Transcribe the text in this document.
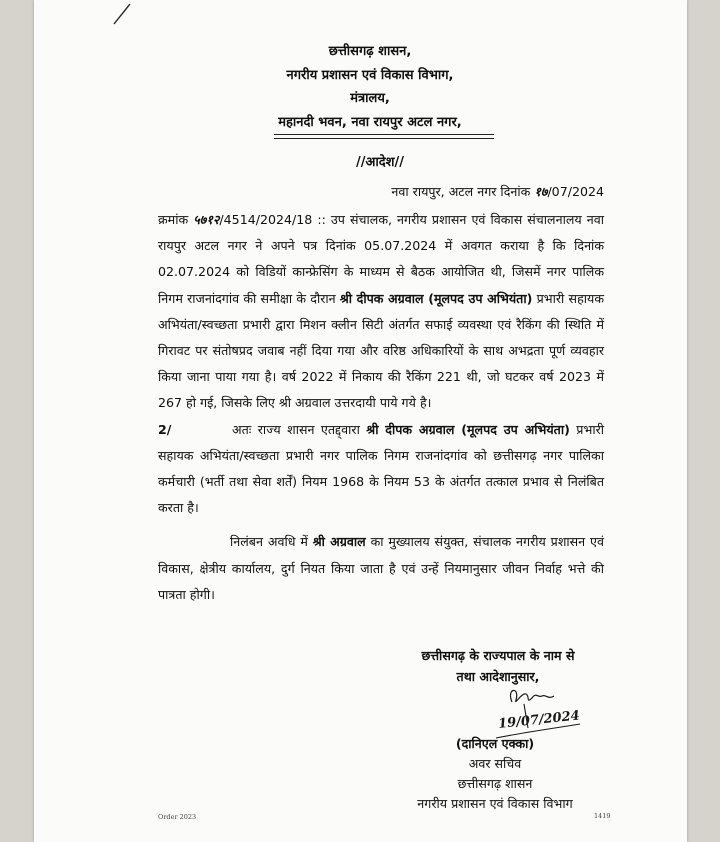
छत्तीसगढ़ शासन,
नगरीय प्रशासन एवं विकास विभाग,
मंत्रालय,
महानदी भवन, नवा रायपुर अटल नगर,
//आदेश//
नवा रायपुर, अटल नगर दिनांक १७/07/2024

क्रमांक ५७१२/4514/2024/18 :: उप संचालक, नगरीय प्रशासन एवं विकास संचालनालय नवा रायपुर अटल नगर ने अपने पत्र दिनांक 05.07.2024 में अवगत कराया है कि दिनांक 02.07.2024 को विडियों कान्फ्रेसिंग के माध्यम से बैठक आयोजित थी, जिसमें नगर पालिक निगम राजनांदगांव की समीक्षा के दौरान श्री दीपक अग्रवाल (मूलपद उप अभियंता) प्रभारी सहायक अभियंता/स्वच्छता प्रभारी द्वारा मिशन क्लीन सिटी अंतर्गत सफाई व्यवस्था एवं रैकिंग की स्थिति में गिरावट पर संतोषप्रद जवाब नहीं दिया गया और वरिष्ठ अधिकारियों के साथ अभद्रता पूर्ण व्यवहार किया जाना पाया गया है। वर्ष 2022 में निकाय की रैकिंग 221 थी, जो घटकर वर्ष 2023 में 267 हो गई, जिसके लिए श्री अग्रवाल उत्तरदायी पाये गये है।

2/	अतः राज्य शासन एतद्द्वारा श्री दीपक अग्रवाल (मूलपद उप अभियंता) प्रभारी सहायक अभियंता/स्वच्छता प्रभारी नगर पालिक निगम राजनांदगांव को छत्तीसगढ़ नगर पालिका कर्मचारी (भर्ती तथा सेवा शर्तें) नियम 1968 के नियम 53 के अंतर्गत तत्काल प्रभाव से निलंबित करता है।

निलंबन अवधि में श्री अग्रवाल का मुख्यालय संयुक्त, संचालक नगरीय प्रशासन एवं विकास, क्षेत्रीय कार्यालय, दुर्ग नियत किया जाता है एवं उन्हें नियमानुसार जीवन निर्वाह भत्ते की पात्रता होगी।

छत्तीसगढ़ के राज्यपाल के नाम से
तथा आदेशानुसार,
19/07/2024
(दानिएल एक्का)
अवर सचिव
छत्तीसगढ़ शासन
नगरीय प्रशासन एवं विकास विभाग
Order 2023	1419
